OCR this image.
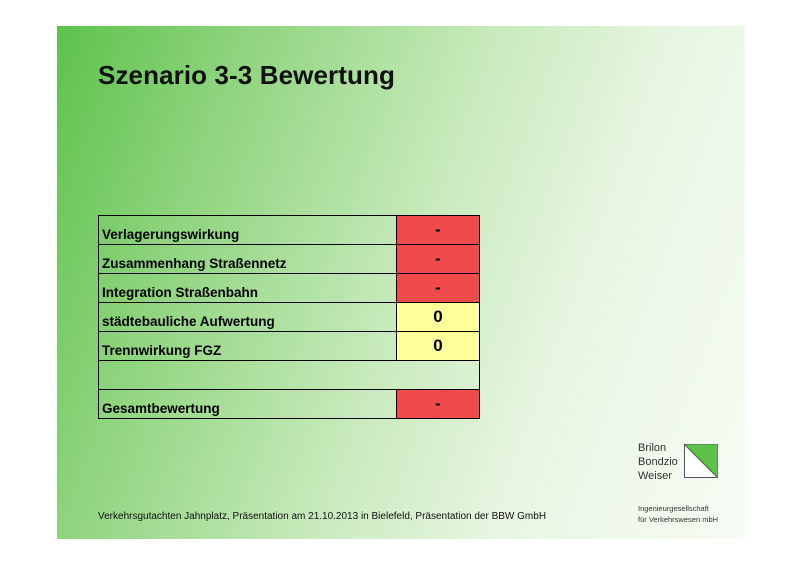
Szenario 3-3 Bewertung
Verlagerungswirkung	-
Zusammenhang Straßennetz	-
Integration Straßenbahn	-
städtebauliche Aufwertung	0
Trennwirkung FGZ	0

Gesamtbewertung	-
Verkehrsgutachten Jahnplatz, Präsentation am 21.10.2013 in Bielefeld, Präsentation der BBW GmbH
Brilon
Bondzio
Weiser
Ingenieurgesellschaft
für Verkehrswesen mbH
